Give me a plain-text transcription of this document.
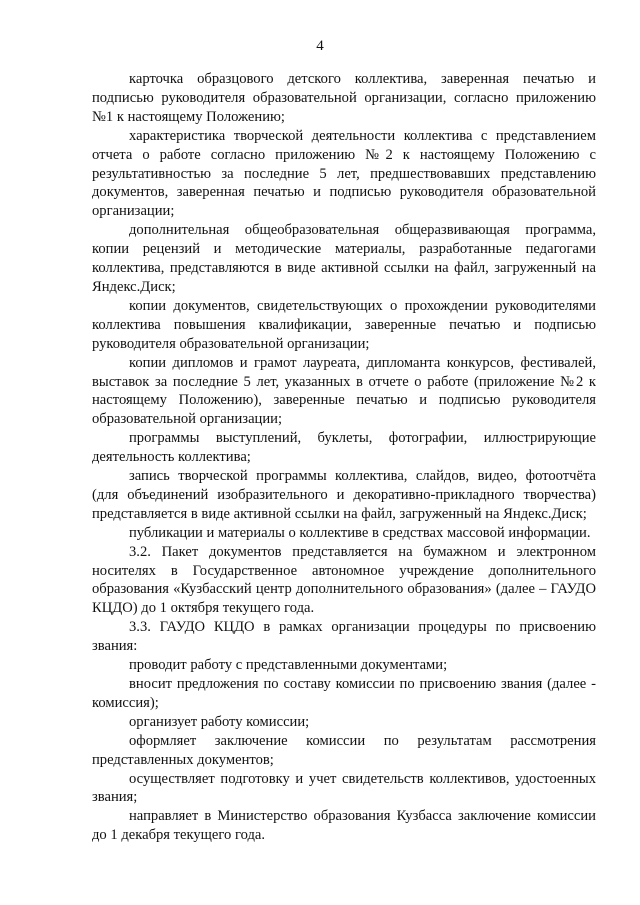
4

карточка образцового детского коллектива, заверенная печатью и подписью руководителя образовательной организации, согласно приложению №1 к настоящему Положению;

характеристика творческой деятельности коллектива с представлением отчета о работе согласно приложению №2 к настоящему Положению с результативностью за последние 5 лет, предшествовавших представлению документов, заверенная печатью и подписью руководителя образовательной организации;

дополнительная общеобразовательная общеразвивающая программа, копии рецензий и методические материалы, разработанные педагогами коллектива, представляются в виде активной ссылки на файл, загруженный на Яндекс.Диск;

копии документов, свидетельствующих о прохождении руководителями коллектива повышения квалификации, заверенные печатью и подписью руководителя образовательной организации;

копии дипломов и грамот лауреата, дипломанта конкурсов, фестивалей, выставок за последние 5 лет, указанных в отчете о работе (приложение №2 к настоящему Положению), заверенные печатью и подписью руководителя образовательной организации;

программы выступлений, буклеты, фотографии, иллюстрирующие деятельность коллектива;

запись творческой программы коллектива, слайдов, видео, фотоотчёта (для объединений изобразительного и декоративно-прикладного творчества) представляется в виде активной ссылки на файл, загруженный на Яндекс.Диск;

публикации и материалы о коллективе в средствах массовой информации.

3.2. Пакет документов представляется на бумажном и электронном носителях в Государственное автономное учреждение дополнительного образования «Кузбасский центр дополнительного образования» (далее – ГАУДО КЦДО) до 1 октября текущего года.

3.3. ГАУДО КЦДО в рамках организации процедуры по присвоению звания:

проводит работу с представленными документами;

вносит предложения по составу комиссии по присвоению звания (далее - комиссия);

организует работу комиссии;

оформляет заключение комиссии по результатам рассмотрения представленных документов;

осуществляет подготовку и учет свидетельств коллективов, удостоенных звания;

направляет в Министерство образования Кузбасса заключение комиссии до 1 декабря текущего года.
